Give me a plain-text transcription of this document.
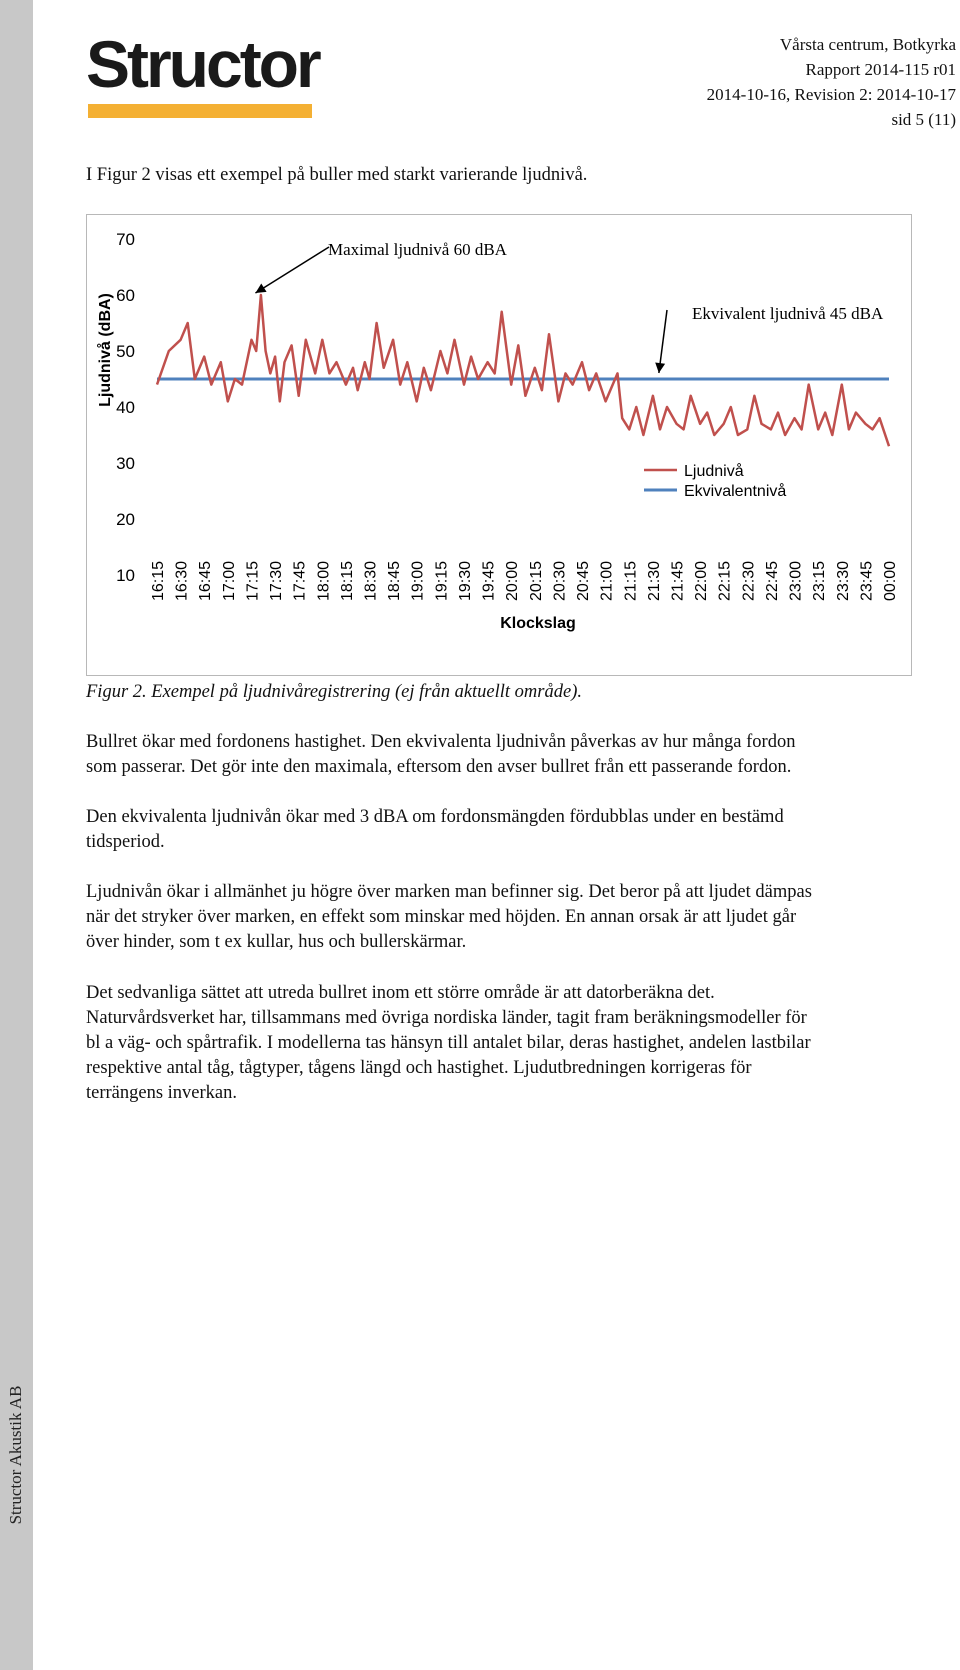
Structor Akustik AB
Structor	Vårsta centrum, Botkyrka
Rapport 2014-115 r01
2014-10-16, Revision 2: 2014-10-17
sid 5 (11)
I Figur 2 visas ett exempel på buller med starkt varierande ljudnivå.
70
60
50
40
30
20
10 16:15 16:30 16:45 17:00 17:15 17:30 17:45 18:00 18:15 18:30 18:45 19:00 19:15 19:30 19:45 20:00 20:15 20:30 20:45 21:00 21:15 21:30 21:45 22:00 22:15 22:30 22:45 23:00 23:15 23:30 23:45 00:00
Ljudnivå (dBA)
Klockslag
Maximal ljudnivå 60 dBA
Ekvivalent ljudnivå 45 dBA
Ljudnivå
Ekvivalentnivå
Figur 2. Exempel på ljudnivåregistrering (ej från aktuellt område).
Bullret ökar med fordonens hastighet. Den ekvivalenta ljudnivån påverkas av hur många fordon
som passerar. Det gör inte den maximala, eftersom den avser bullret från ett passerande fordon.
Den ekvivalenta ljudnivån ökar med 3 dBA om fordonsmängden fördubblas under en bestämd
tidsperiod.
Ljudnivån ökar i allmänhet ju högre över marken man befinner sig. Det beror på att ljudet dämpas
när det stryker över marken, en effekt som minskar med höjden. En annan orsak är att ljudet går
över hinder, som t ex kullar, hus och bullerskärmar.
Det sedvanliga sättet att utreda bullret inom ett större område är att datorberäkna det.
Naturvårdsverket har, tillsammans med övriga nordiska länder, tagit fram beräkningsmodeller för
bl a väg- och spårtrafik. I modellerna tas hänsyn till antalet bilar, deras hastighet, andelen lastbilar
respektive antal tåg, tågtyper, tågens längd och hastighet. Ljudutbredningen korrigeras för
terrängens inverkan.
